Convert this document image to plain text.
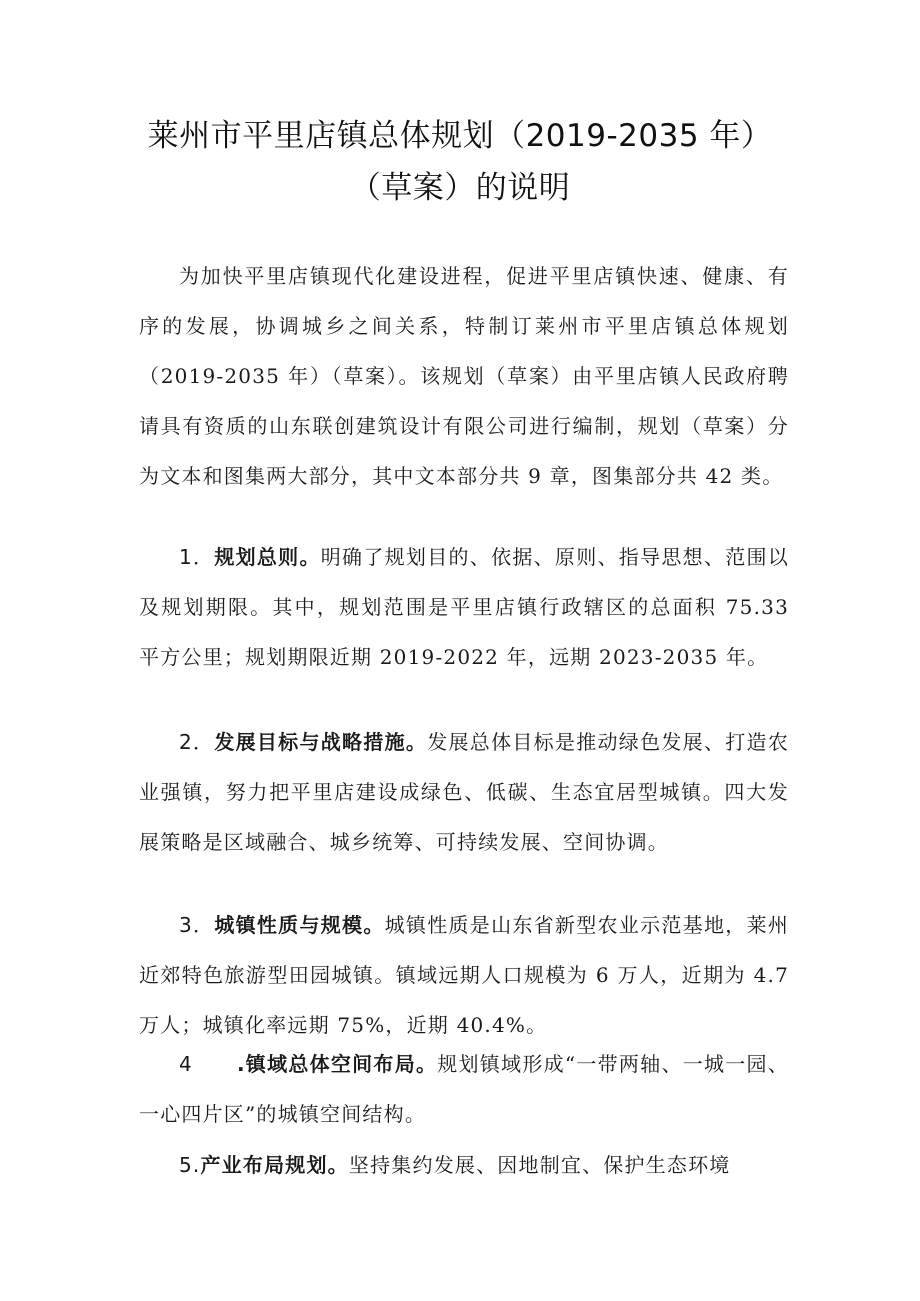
莱州市平里店镇总体规划（2019-2035 年）
（草案）的说明

为加快平里店镇现代化建设进程，促进平里店镇快速、健康、有序的发展，协调城乡之间关系，特制订莱州市平里店镇总体规划（2019-2035 年）（草案）。该规划（草案）由平里店镇人民政府聘请具有资质的山东联创建筑设计有限公司进行编制，规划（草案）分为文本和图集两大部分，其中文本部分共 9 章，图集部分共 42 类。

1．规划总则。明确了规划目的、依据、原则、指导思想、范围以及规划期限。其中，规划范围是平里店镇行政辖区的总面积 75.33 平方公里；规划期限近期 2019-2022 年，远期 2023-2035 年。

2．发展目标与战略措施。发展总体目标是推动绿色发展、打造农业强镇，努力把平里店建设成绿色、低碳、生态宜居型城镇。四大发展策略是区域融合、城乡统筹、可持续发展、空间协调。

3．城镇性质与规模。城镇性质是山东省新型农业示范基地，莱州近郊特色旅游型田园城镇。镇域远期人口规模为 6 万人，近期为 4.7 万人；城镇化率远期 75%，近期 40.4%。

4 .镇域总体空间布局。规划镇域形成“一带两轴、一城一园、一心四片区”的城镇空间结构。

5.产业布局规划。坚持集约发展、因地制宜、保护生态环境
